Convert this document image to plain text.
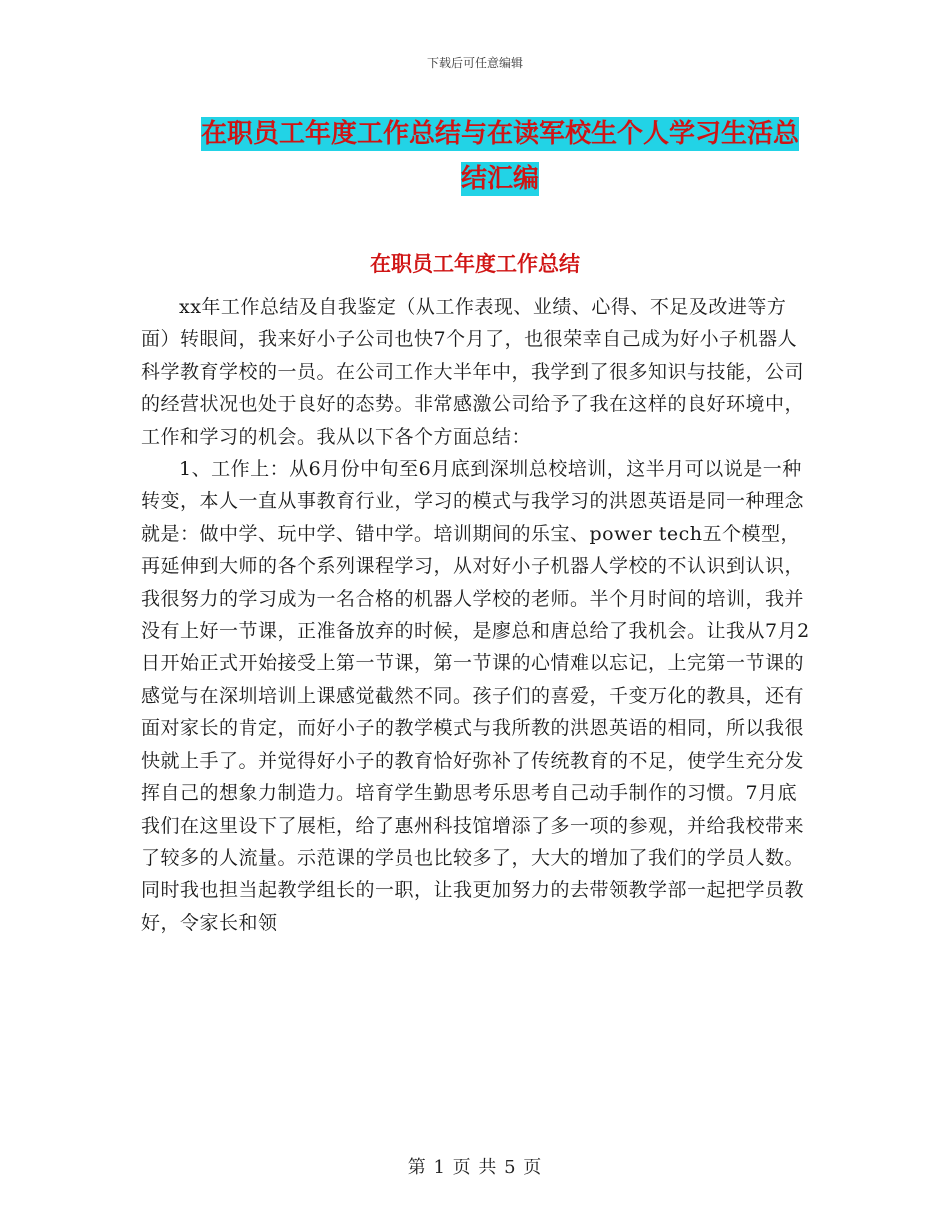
下载后可任意编辑
在职员工年度工作总结与在读军校生个人学习生活总结汇编
在职员工年度工作总结

xx年工作总结及自我鉴定（从工作表现、业绩、心得、不足及改进等方面）转眼间，我来好小子公司也快7个月了，也很荣幸自己成为好小子机器人科学教育学校的一员。在公司工作大半年中，我学到了很多知识与技能，公司的经营状况也处于良好的态势。非常感激公司给予了我在这样的良好环境中，工作和学习的机会。我从以下各个方面总结：

1、工作上：从6月份中旬至6月底到深圳总校培训，这半月可以说是一种转变，本人一直从事教育行业，学习的模式与我学习的洪恩英语是同一种理念就是：做中学、玩中学、错中学。培训期间的乐宝、power tech五个模型，再延伸到大师的各个系列课程学习，从对好小子机器人学校的不认识到认识，我很努力的学习成为一名合格的机器人学校的老师。半个月时间的培训，我并没有上好一节课，正准备放弃的时候，是廖总和唐总给了我机会。让我从7月2日开始正式开始接受上第一节课，第一节课的心情难以忘记，上完第一节课的感觉与在深圳培训上课感觉截然不同。孩子们的喜爱，千变万化的教具，还有面对家长的肯定，而好小子的教学模式与我所教的洪恩英语的相同，所以我很快就上手了。并觉得好小子的教育恰好弥补了传统教育的不足，使学生充分发挥自己的想象力制造力。培育学生勤思考乐思考自己动手制作的习惯。7月底我们在这里设下了展柜，给了惠州科技馆增添了多一项的参观，并给我校带来了较多的人流量。示范课的学员也比较多了，大大的增加了我们的学员人数。同时我也担当起教学组长的一职，让我更加努力的去带领教学部一起把学员教好，令家长和领

第 1 页 共 5 页
